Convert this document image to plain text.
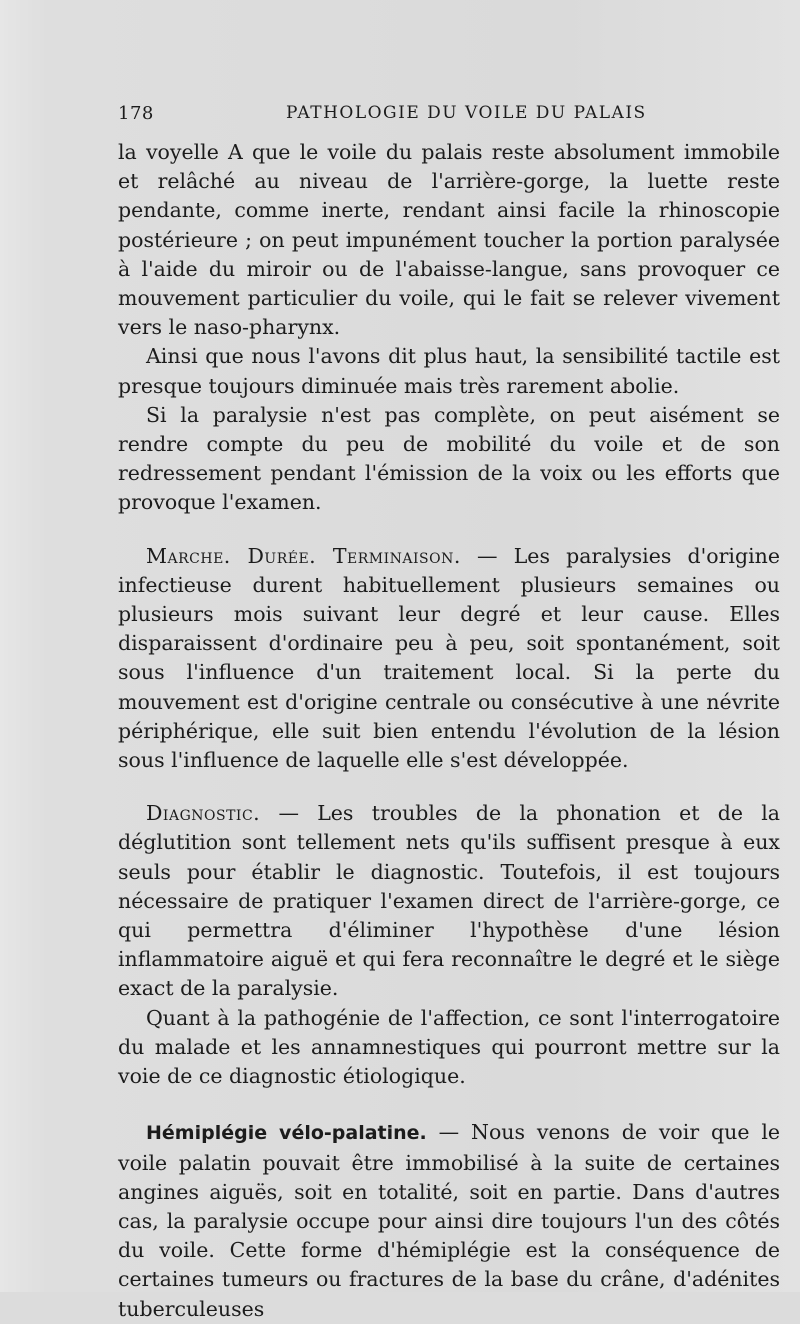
178	PATHOLOGIE DU VOILE DU PALAIS

la voyelle A que le voile du palais reste absolument immobile et relâché au niveau de l'arrière-gorge, la luette reste pendante, comme inerte, rendant ainsi facile la rhinoscopie postérieure ; on peut impunément toucher la portion paralysée à l'aide du miroir ou de l'abaisse-langue, sans provoquer ce mouvement particulier du voile, qui le fait se relever vivement vers le naso-pharynx.

Ainsi que nous l'avons dit plus haut, la sensibilité tactile est presque toujours diminuée mais très rarement abolie.

Si la paralysie n'est pas complète, on peut aisément se rendre compte du peu de mobilité du voile et de son redressement pendant l'émission de la voix ou les efforts que provoque l'examen.

Marche. Durée. Terminaison. — Les paralysies d'origine infectieuse durent habituellement plusieurs semaines ou plusieurs mois suivant leur degré et leur cause. Elles disparaissent d'ordinaire peu à peu, soit spontanément, soit sous l'influence d'un traitement local. Si la perte du mouvement est d'origine centrale ou consécutive à une névrite périphérique, elle suit bien entendu l'évolution de la lésion sous l'influence de laquelle elle s'est développée.

Diagnostic. — Les troubles de la phonation et de la déglutition sont tellement nets qu'ils suffisent presque à eux seuls pour établir le diagnostic. Toutefois, il est toujours nécessaire de pratiquer l'examen direct de l'arrière-gorge, ce qui permettra d'éliminer l'hypothèse d'une lésion inflammatoire aiguë et qui fera reconnaître le degré et le siège exact de la paralysie.

Quant à la pathogénie de l'affection, ce sont l'interrogatoire du malade et les annamnestiques qui pourront mettre sur la voie de ce diagnostic étiologique.

Hémiplégie vélo-palatine. — Nous venons de voir que le voile palatin pouvait être immobilisé à la suite de certaines angines aiguës, soit en totalité, soit en partie. Dans d'autres cas, la paralysie occupe pour ainsi dire toujours l'un des côtés du voile. Cette forme d'hémiplégie est la conséquence de certaines tumeurs ou fractures de la base du crâne, d'adénites tuberculeuses
